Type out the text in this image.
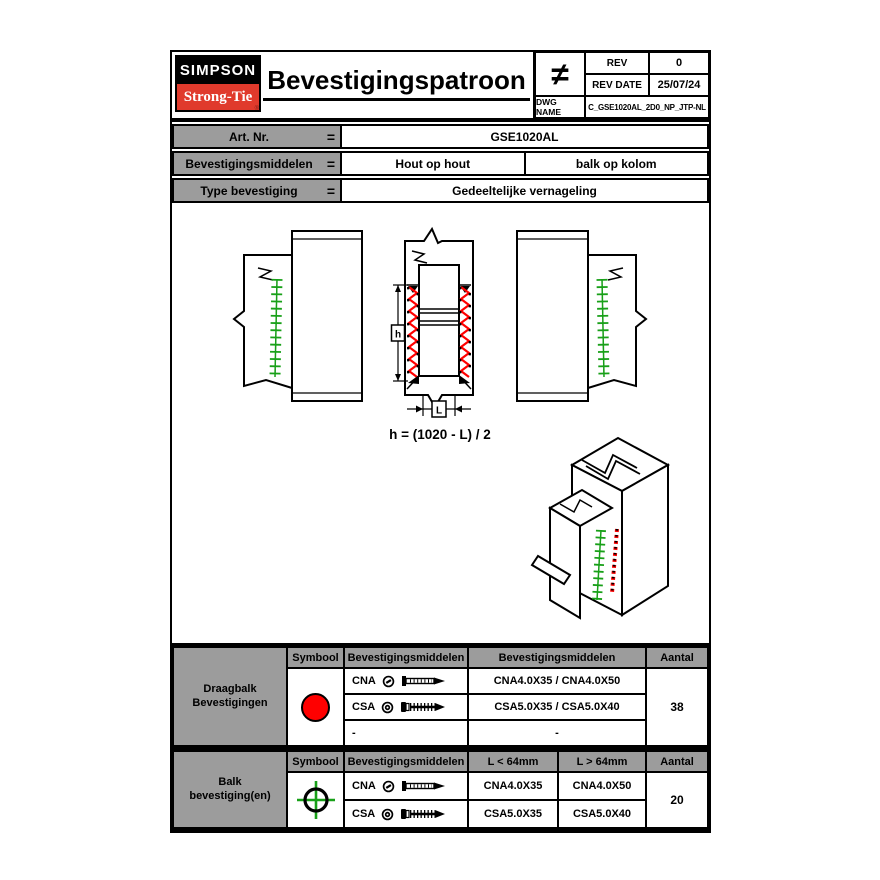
SIMPSON
Strong-Tie
®
Bevestigingspatroon ≠	REV	0
REV DATE	25/07/24
DWG NAME	C_GSE1020AL_2D0_NP_JTP-NL
Art. Nr.	=	GSE1020AL
Bevestigingsmiddelen =	Hout op hout	balk op kolom
Type bevestiging =	Gedeeltelijke vernageling
h
L
h = (1020 - L) / 2
Draagbalk Bevestigingen
Symbool Bevestigingsmiddelen	Bevestigingsmiddelen	Aantal
CNA	CNA4.0X35 / CNA4.0X50
CSA	CSA5.0X35 / CSA5.0X40
-	-
38
Balk bevestiging(en)
Symbool Bevestigingsmiddelen	L < 64mm	L > 64mm	Aantal
CNA	CNA4.0X35	CNA4.0X50
CSA	CSA5.0X35	CSA5.0X40
20
